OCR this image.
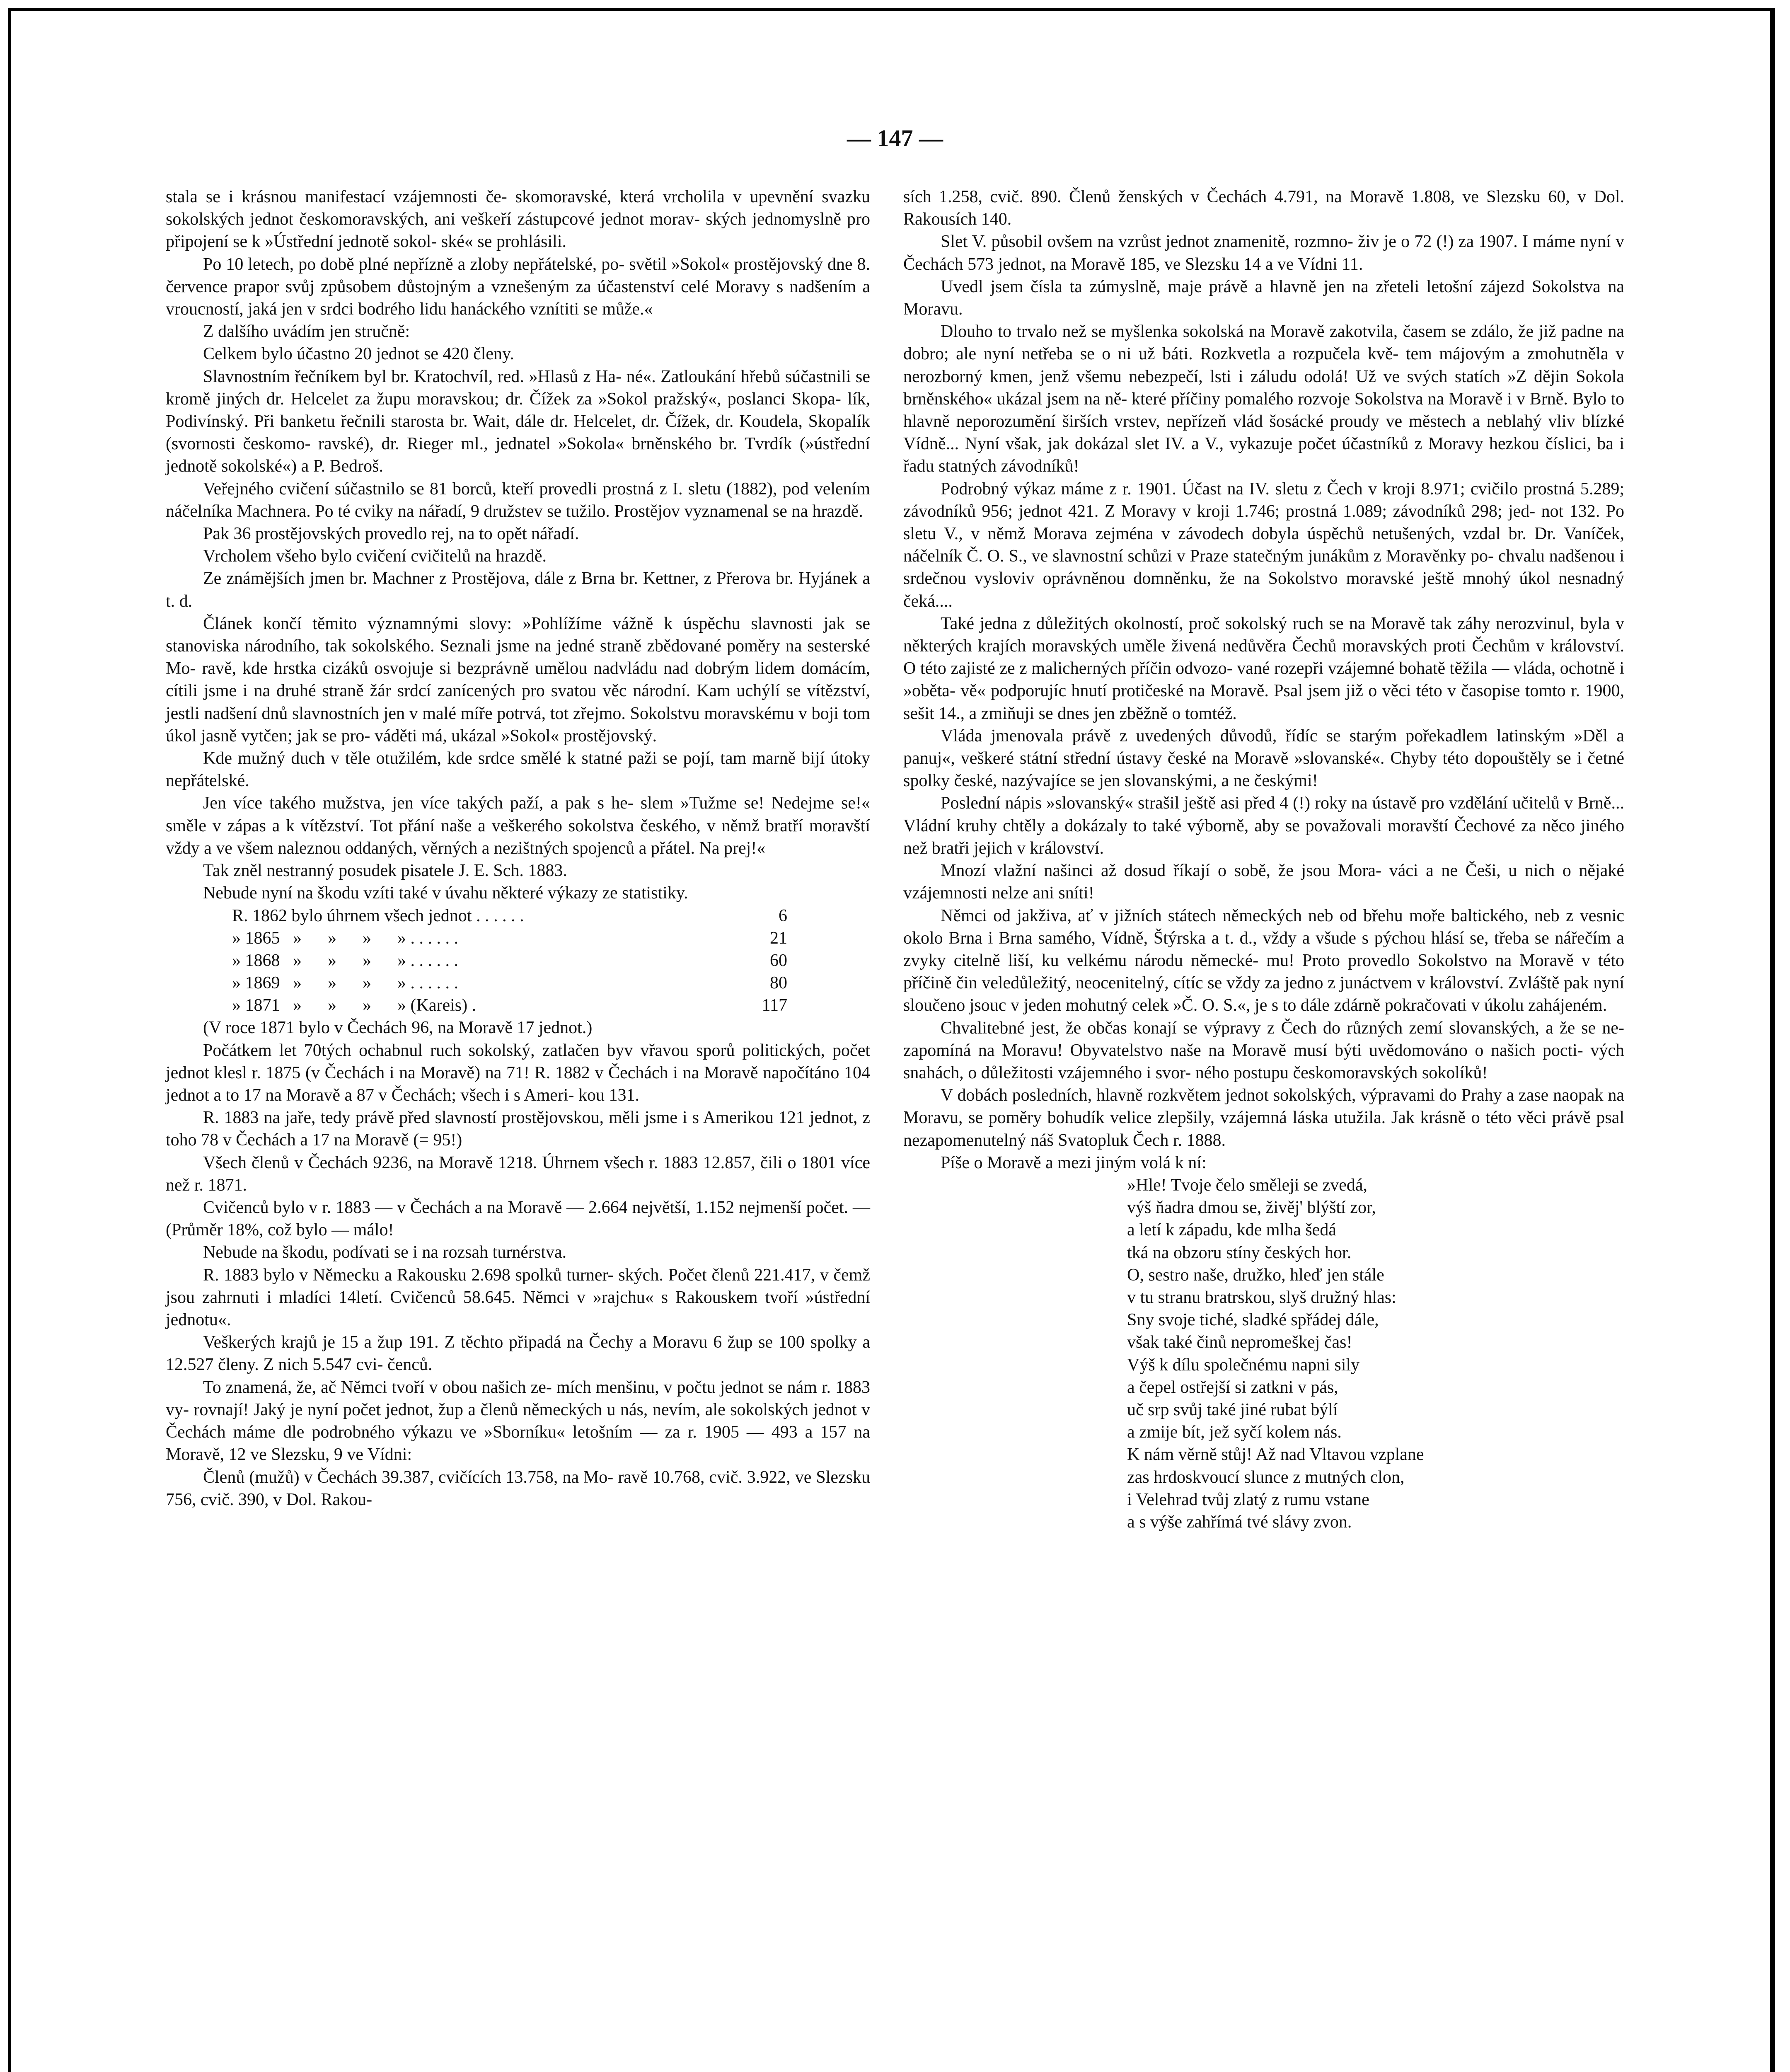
— 147 —

stala se i krásnou manifestací vzájemnosti če- skomoravské, která vrcholila v upevnění svazku sokolských jednot českomoravských, ani veškeří zástupcové jednot morav- ských jednomyslně pro připojení se k »Ústřední jednotě sokol- ské« se prohlásili.

Po 10 letech, po době plné nepřízně a zloby nepřátelské, po- světil »Sokol« prostějovský dne 8. července prapor svůj způsobem důstojným a vznešeným za účastenství celé Moravy s nadšením a vroucností, jaká jen v srdci bodrého lidu hanáckého vznítiti se může.«

Z dalšího uvádím jen stručně:

Celkem bylo účastno 20 jednot se 420 členy.

Slavnostním řečníkem byl br. Kratochvíl, red. »Hlasů z Ha- né«. Zatloukání hřebů súčastnili se kromě jiných dr. Helcelet za župu moravskou; dr. Čížek za »Sokol pražský«, poslanci Skopa- lík, Podivínský. Při banketu řečnili starosta br. Wait, dále dr. Helcelet, dr. Čížek, dr. Koudela, Skopalík (svornosti českomo- ravské), dr. Rieger ml., jednatel »Sokola« brněnského br. Tvrdík (»ústřední jednotě sokolské«) a P. Bedroš.

Veřejného cvičení súčastnilo se 81 borců, kteří provedli prostná z I. sletu (1882), pod velením náčelníka Machnera. Po té cviky na nářadí, 9 družstev se tužilo. Prostějov vyznamenal se na hrazdě.

Pak 36 prostějovských provedlo rej, na to opět nářadí.

Vrcholem všeho bylo cvičení cvičitelů na hrazdě.

Ze známějších jmen br. Machner z Prostějova, dále z Brna br. Kettner, z Přerova br. Hyjánek a t. d.

Článek končí těmito významnými slovy: »Pohlížíme vážně k úspěchu slavnosti jak se stanoviska národního, tak sokolského. Seznali jsme na jedné straně zbědované poměry na sesterské Mo- ravě, kde hrstka cizáků osvojuje si bezprávně umělou nadvládu nad dobrým lidem domácím, cítili jsme i na druhé straně žár srdcí zanícených pro svatou věc národní. Kam uchýlí se vítězství, jestli nadšení dnů slavnostních jen v malé míře potrvá, tot zřejmo. Sokolstvu moravskému v boji tom úkol jasně vytčen; jak se pro- váděti má, ukázal »Sokol« prostějovský.

Kde mužný duch v těle otužilém, kde srdce smělé k statné paži se pojí, tam marně bijí útoky nepřátelské.

Jen více takého mužstva, jen více takých paží, a pak s he- slem »Tužme se! Nedejme se!« směle v zápas a k vítězství. Tot přání naše a veškerého sokolstva českého, v němž bratří moravští vždy a ve všem naleznou oddaných, věrných a nezištných spojenců a přátel. Na prej!«

Tak zněl nestranný posudek pisatele J. E. Sch. 1883.

Nebude nyní na škodu vzíti také v úvahu některé výkazy ze statistiky.

R. 1862 bylo úhrnem všech jednot . . . . . .	6
» 1865   »      »      »      » . . . . . .	21
» 1868   »      »      »      » . . . . . .	60
» 1869   »      »      »      » . . . . . .	80
» 1871   »      »      »      » (Kareis) .	117

(V roce 1871 bylo v Čechách 96, na Moravě 17 jednot.)

Počátkem let 70tých ochabnul ruch sokolský, zatlačen byv vřavou sporů politických, počet jednot klesl r. 1875 (v Čechách i na Moravě) na 71! R. 1882 v Čechách i na Moravě napočítáno 104 jednot a to 17 na Moravě a 87 v Čechách; všech i s Ameri- kou 131.

R. 1883 na jaře, tedy právě před slavností prostějovskou, měli jsme i s Amerikou 121 jednot, z toho 78 v Čechách a 17 na Moravě (= 95!)

Všech členů v Čechách 9236, na Moravě 1218. Úhrnem všech r. 1883 12.857, čili o 1801 více než r. 1871.

Cvičenců bylo v r. 1883 — v Čechách a na Moravě — 2.664 největší, 1.152 nejmenší počet. — (Průměr 18%, což bylo — málo!

Nebude na škodu, podívati se i na rozsah turnérstva.

R. 1883 bylo v Německu a Rakousku 2.698 spolků turner- ských. Počet členů 221.417, v čemž jsou zahrnuti i mladíci 14letí. Cvičenců 58.645. Němci v »rajchu« s Rakouskem tvoří »ústřední jednotu«.

Veškerých krajů je 15 a žup 191. Z těchto připadá na Čechy a Moravu 6 žup se 100 spolky a 12.527 členy. Z nich 5.547 cvi- čenců.

To znamená, že, ač Němci tvoří v obou našich ze- mích menšinu, v počtu jednot se nám r. 1883 vy- rovnají! Jaký je nyní počet jednot, žup a členů německých u nás, nevím, ale sokolských jednot v Čechách máme dle podrobného výkazu ve »Sborníku« letošním — za r. 1905 — 493 a 157 na Moravě, 12 ve Slezsku, 9 ve Vídni:

Členů (mužů) v Čechách 39.387, cvičících 13.758, na Mo- ravě 10.768, cvič. 3.922, ve Slezsku 756, cvič. 390, v Dol. Rakou-

sích 1.258, cvič. 890. Členů ženských v Čechách 4.791, na Moravě 1.808, ve Slezsku 60, v Dol. Rakousích 140.

Slet V. působil ovšem na vzrůst jednot znamenitě, rozmno- živ je o 72 (!) za 1907. I máme nyní v Čechách 573 jednot, na Moravě 185, ve Slezsku 14 a ve Vídni 11.

Uvedl jsem čísla ta zúmyslně, maje právě a hlavně jen na zřeteli letošní zájezd Sokolstva na Moravu.

Dlouho to trvalo než se myšlenka sokolská na Moravě zakotvila, časem se zdálo, že již padne na dobro; ale nyní netřeba se o ni už báti. Rozkvetla a rozpučela kvě- tem májovým a zmohutněla v nerozborný kmen, jenž všemu nebezpečí, lsti i záludu odolá! Už ve svých statích »Z dějin Sokola brněnského« ukázal jsem na ně- které příčiny pomalého rozvoje Sokolstva na Moravě i v Brně. Bylo to hlavně neporozumění širších vrstev, nepřízeň vlád šosácké proudy ve městech a neblahý vliv blízké Vídně... Nyní však, jak dokázal slet IV. a V., vykazuje počet účastníků z Moravy hezkou číslici, ba i řadu statných závodníků!

Podrobný výkaz máme z r. 1901. Účast na IV. sletu z Čech v kroji 8.971; cvičilo prostná 5.289; závodníků 956; jednot 421. Z Moravy v kroji 1.746; prostná 1.089; závodníků 298; jed- not 132. Po sletu V., v němž Morava zejména v závodech dobyla úspěchů netušených, vzdal br. Dr. Vaníček, náčelník Č. O. S., ve slavnostní schůzi v Praze statečným junákům z Moravěnky po- chvalu nadšenou i srdečnou vysloviv oprávněnou domněnku, že na Sokolstvo moravské ještě mnohý úkol nesnadný čeká....

Také jedna z důležitých okolností, proč sokolský ruch se na Moravě tak záhy nerozvinul, byla v některých krajích moravských uměle živená nedůvěra Čechů moravských proti Čechům v království. O této zajisté ze z malicherných příčin odvozo- vané rozepři vzájemné bohatě těžila — vláda, ochotně i »oběta- vě« podporujíc hnutí protičeské na Moravě. Psal jsem již o věci této v časopise tomto r. 1900, sešit 14., a zmiňuji se dnes jen zběžně o tomtéž.

Vláda jmenovala právě z uvedených důvodů, řídíc se starým pořekadlem latinským »Děl a panuj«, veškeré státní střední ústavy české na Moravě »slovanské«. Chyby této dopouštěly se i četné spolky české, nazývajíce se jen slovanskými, a ne českými!

Poslední nápis »slovanský« strašil ještě asi před 4 (!) roky na ústavě pro vzdělání učitelů v Brně... Vládní kruhy chtěly a dokázaly to také výborně, aby se považovali moravští Čechové za něco jiného než bratři jejich v království.

Mnozí vlažní našinci až dosud říkají o sobě, že jsou Mora- váci a ne Češi, u nich o nějaké vzájemnosti nelze ani sníti!

Němci od jakživa, ať v jižních státech německých neb od břehu moře baltického, neb z vesnic okolo Brna i Brna samého, Vídně, Štýrska a t. d., vždy a všude s pýchou hlásí se, třeba se nářečím a zvyky citelně liší, ku velkému národu německé- mu! Proto provedlo Sokolstvo na Moravě v této příčině čin veledůležitý, neocenitelný, cítíc se vždy za jedno z junáctvem v království. Zvláště pak nyní sloučeno jsouc v jeden mohutný celek »Č. O. S.«, je s to dále zdárně pokračovati v úkolu zahájeném.

Chvalitebné jest, že občas konají se výpravy z Čech do různých zemí slovanských, a že se ne- zapomíná na Moravu! Obyvatelstvo naše na Moravě musí býti uvědomováno o našich pocti- vých snahách, o důležitosti vzájemného i svor- ného postupu českomoravských sokolíků!

V dobách posledních, hlavně rozkvětem jednot sokolských, výpravami do Prahy a zase naopak na Moravu, se poměry bohudík velice zlepšily, vzájemná láska utužila. Jak krásně o této věci právě psal nezapomenutelný náš Svatopluk Čech r. 1888.

Píše o Moravě a mezi jiným volá k ní:

»Hle! Tvoje čelo směleji se zvedá,
výš ňadra dmou se, živěj' blýští zor,
a letí k západu, kde mlha šedá
tká na obzoru stíny českých hor.
O, sestro naše, družko, hleď jen stále
v tu stranu bratrskou, slyš družný hlas:
Sny svoje tiché, sladké spřádej dále,
však také činů nepromeškej čas!
Výš k dílu společnému napni sily
a čepel ostřejší si zatkni v pás,
uč srp svůj také jiné rubat býlí
a zmije bít, jež syčí kolem nás.
K nám věrně stůj! Až nad Vltavou vzplane
zas hrdoskvoucí slunce z mutných clon,
i Velehrad tvůj zlatý z rumu vstane
a s výše zahřímá tvé slávy zvon.
